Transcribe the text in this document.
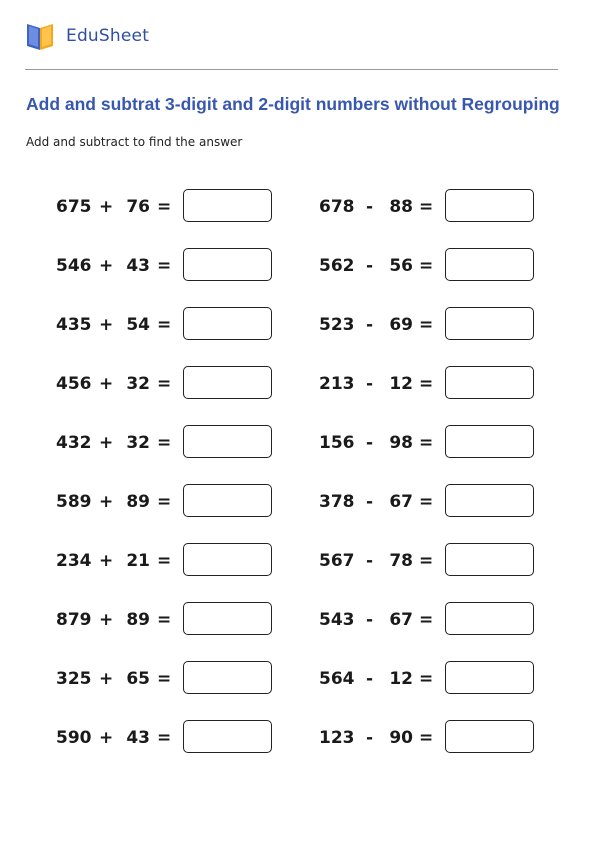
EduSheet
Add and subtrat 3-digit and 2-digit numbers without Regrouping
Add and subtract to find the answer
675 + 76 =
546 + 43 =
435 + 54 =
456 + 32 =
432 + 32 =
589 + 89 =
234 + 21 =
879 + 89 =
325 + 65 =
590 + 43 =
678 - 88 =
562 - 56 =
523 - 69 =
213 - 12 =
156 - 98 =
378 - 67 =
567 - 78 =
543 - 67 =
564 - 12 =
123 - 90 =
